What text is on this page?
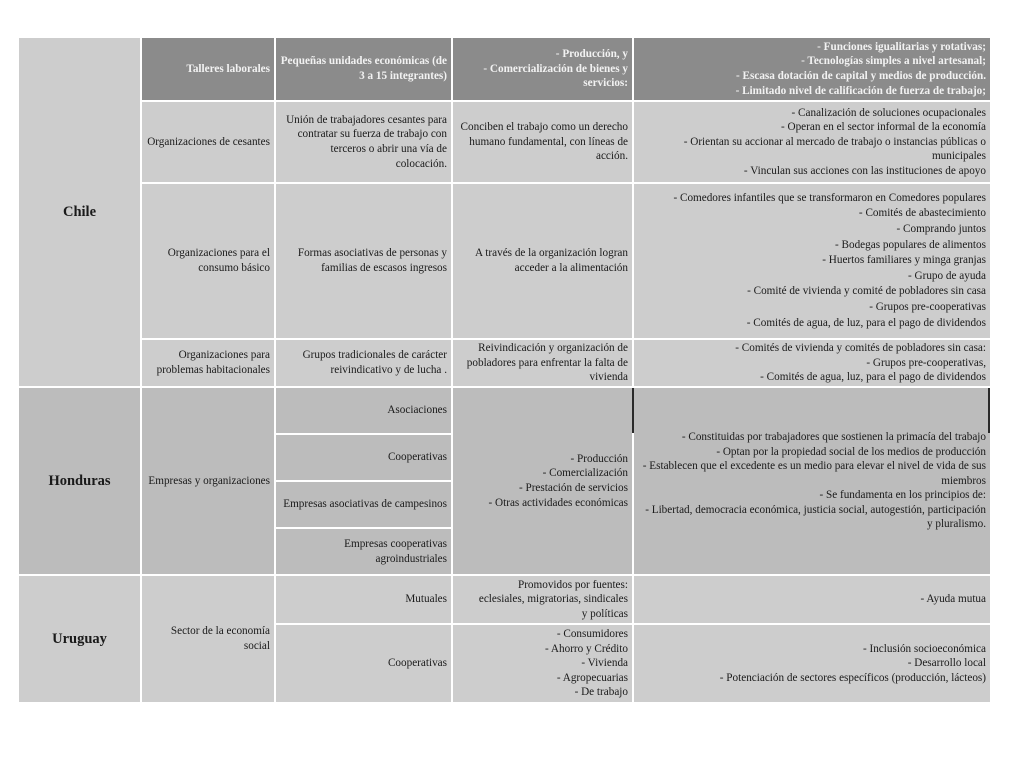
Chile
Honduras
Uruguay
Talleres laborales
Pequeñas unidades económicas (de 3 a 15 integrantes)
- Producción, y
- Comercialización de bienes y servicios:
- Funciones igualitarias y rotativas;
- Tecnologías simples a nivel artesanal;
- Escasa dotación de capital y medios de producción.
- Limitado nivel de calificación de fuerza de trabajo;
Organizaciones de cesantes
Unión de trabajadores cesantes para contratar su fuerza de trabajo con terceros o abrir una vía de colocación.
Conciben el trabajo como un derecho humano fundamental, con líneas de acción.
- Canalización de soluciones ocupacionales
- Operan en el sector informal de la economía
- Orientan su accionar al mercado de trabajo o instancias públicas o municipales
- Vinculan sus acciones con las instituciones de apoyo
Organizaciones para el consumo básico
Formas asociativas de personas y familias de escasos ingresos
A través de la organización logran acceder a la alimentación
- Comedores infantiles que se transformaron en Comedores populares
- Comités de abastecimiento
- Comprando juntos
- Bodegas populares de alimentos
- Huertos familiares y minga granjas
- Grupo de ayuda
- Comité de vivienda y comité de pobladores sin casa
- Grupos pre-cooperativas
- Comités de agua, de luz, para el pago de dividendos
Organizaciones para problemas habitacionales
Grupos tradicionales de carácter reivindicativo y de lucha .
Reivindicación y organización de pobladores para enfrentar la falta de vivienda
- Comités de vivienda y comités de pobladores sin casa:
- Grupos pre-cooperativas,
- Comités de agua, luz, para el pago de dividendos
Empresas y organizaciones
Asociaciones
Cooperativas
Empresas asociativas de campesinos
Empresas cooperativas agroindustriales
- Producción
- Comercialización
- Prestación de servicios
- Otras actividades económicas
- Constituidas por trabajadores que sostienen la primacía del trabajo
- Optan por la propiedad social de los medios de producción
- Establecen que el excedente es un medio para elevar el nivel de vida de sus miembros
- Se fundamenta en los principios de:
- Libertad, democracia económica, justicia social, autogestión, participación y pluralismo.
Sector de la economía social
Mutuales
Promovidos por fuentes:
eclesiales, migratorias, sindicales
y políticas
- Ayuda mutua
Cooperativas
- Consumidores
- Ahorro y Crédito
- Vivienda
- Agropecuarias
- De trabajo
- Inclusión socioeconómica
- Desarrollo local
- Potenciación de sectores específicos (producción, lácteos)
